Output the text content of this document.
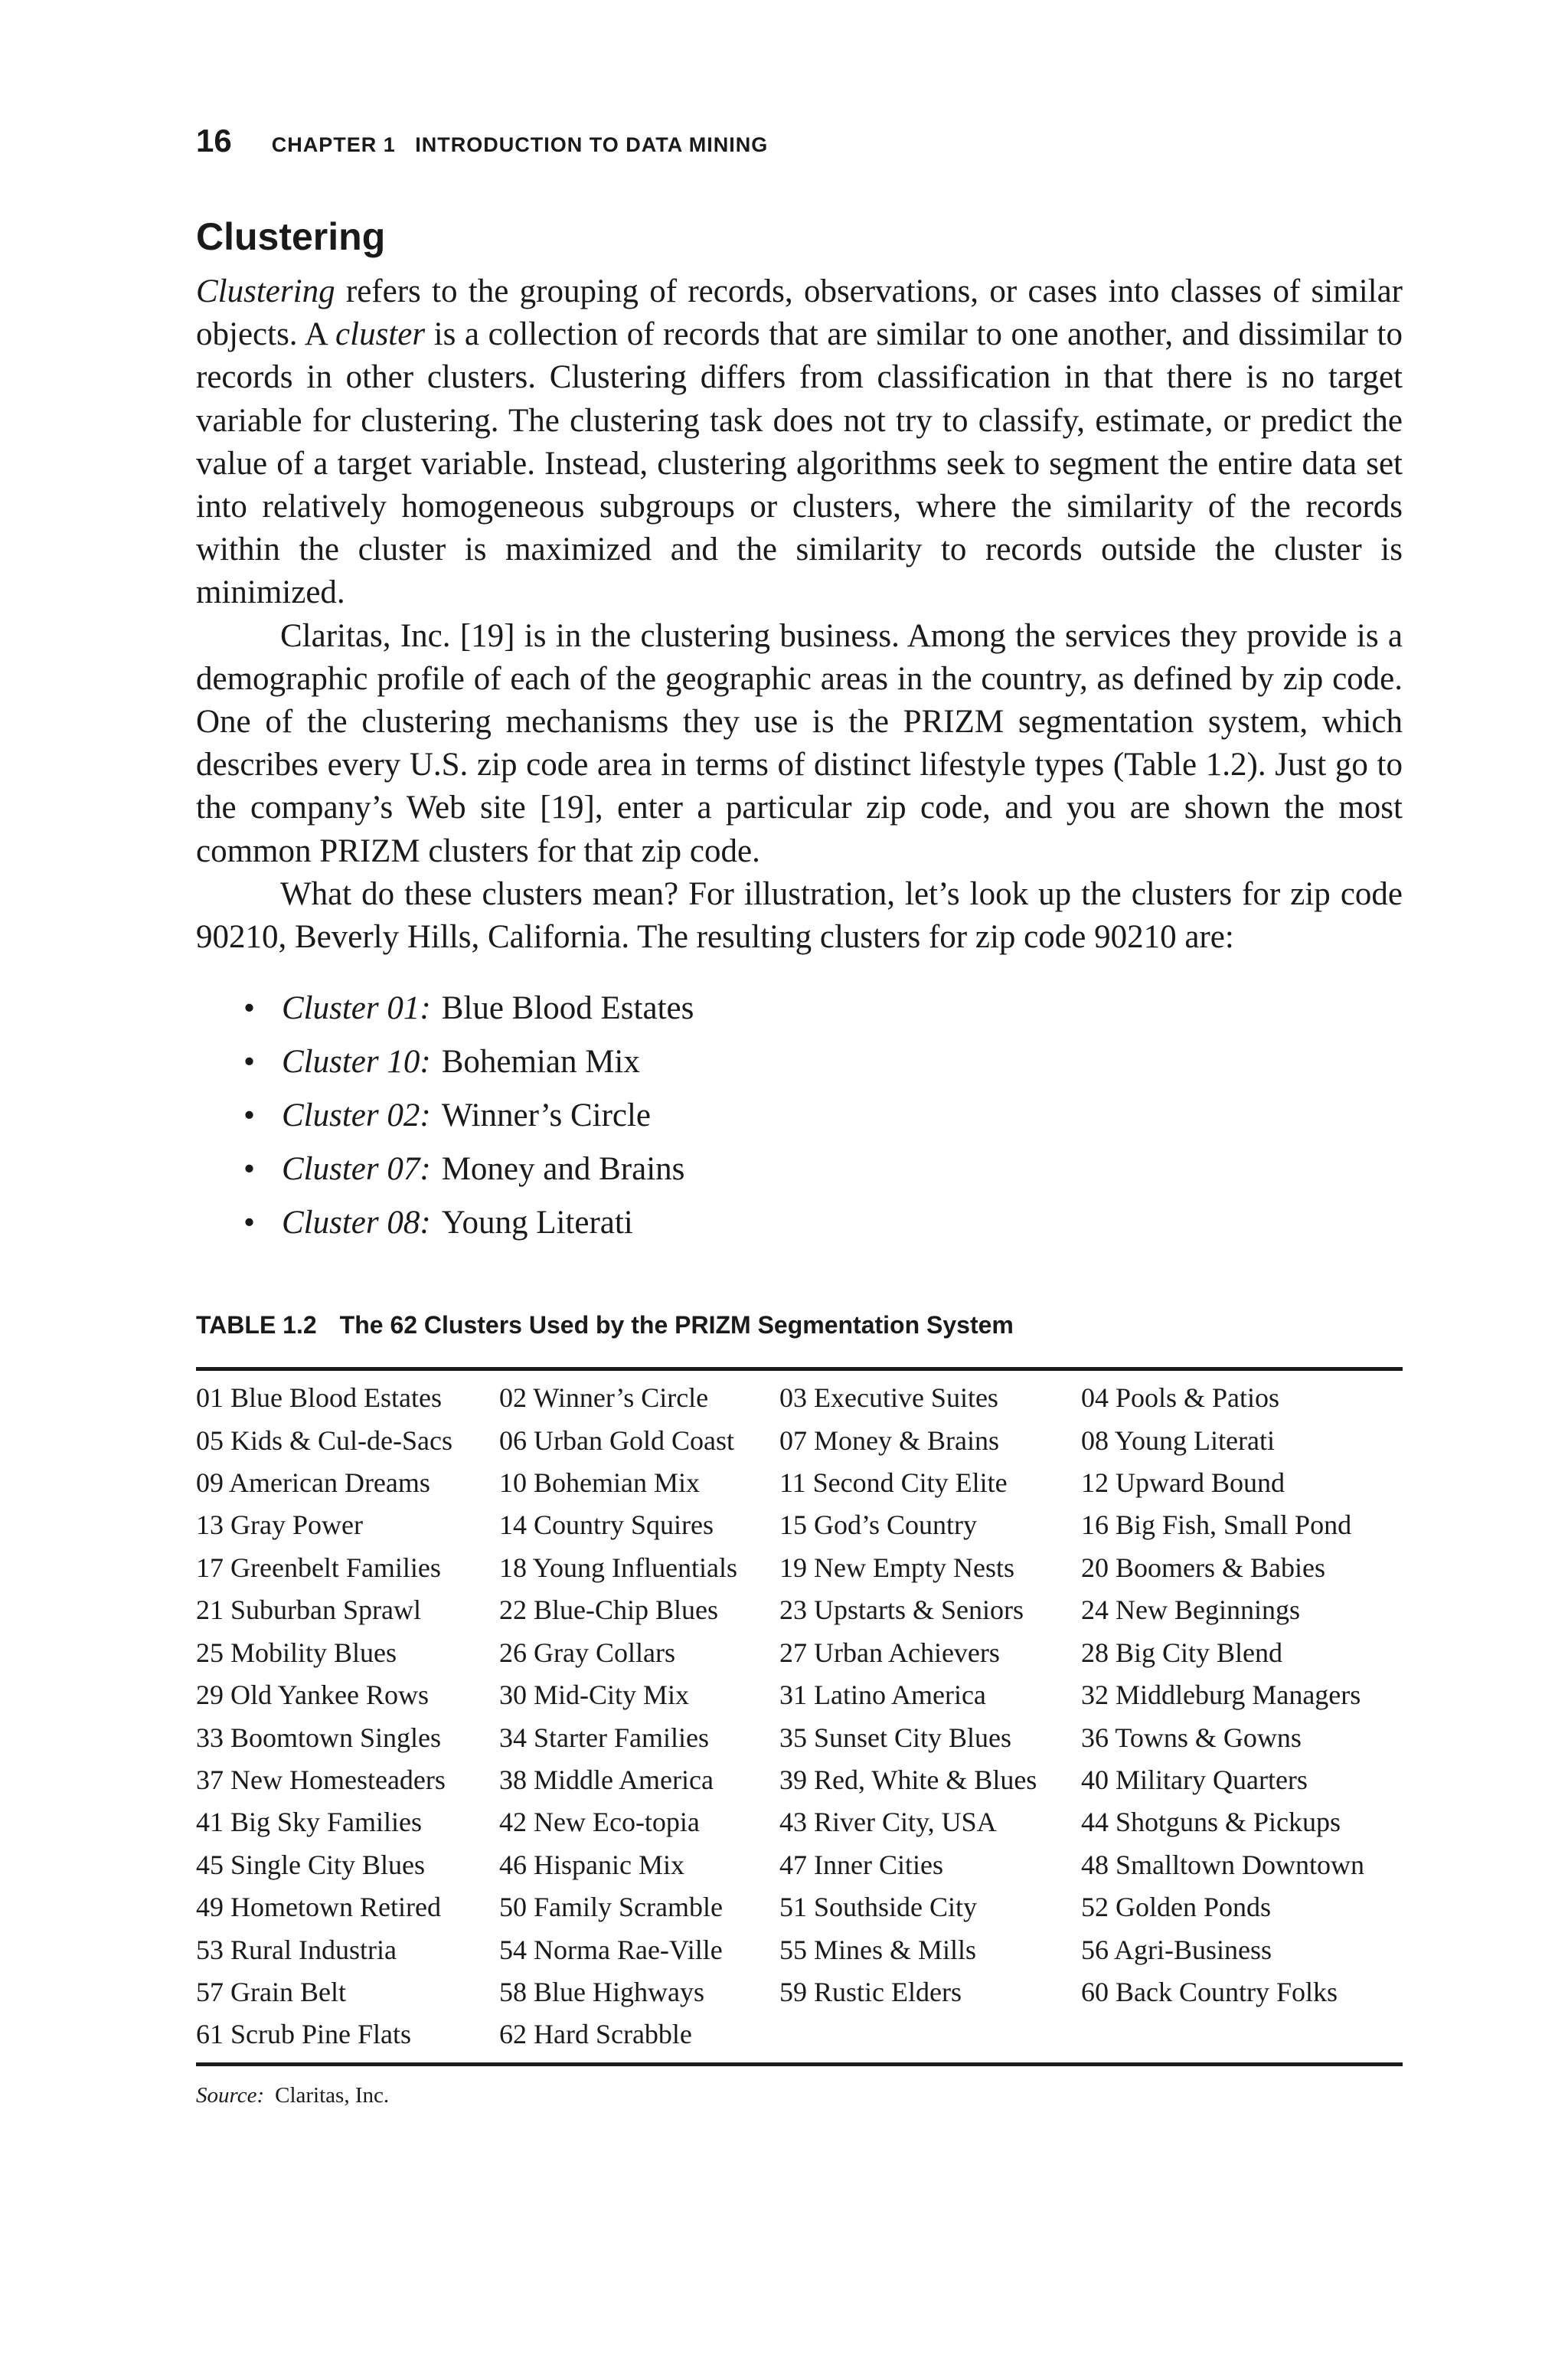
16 CHAPTER 1   INTRODUCTION TO DATA MINING
Clustering

Clustering refers to the grouping of records, observations, or cases into classes of similar objects. A cluster is a collection of records that are similar to one another, and dissimilar to records in other clusters. Clustering differs from classification in that there is no target variable for clustering. The clustering task does not try to classify, estimate, or predict the value of a target variable. Instead, clustering algorithms seek to segment the entire data set into relatively homogeneous subgroups or clusters, where the similarity of the records within the cluster is maximized and the similarity to records outside the cluster is minimized.

Claritas, Inc. [19] is in the clustering business. Among the services they provide is a demographic profile of each of the geographic areas in the country, as defined by zip code. One of the clustering mechanisms they use is the PRIZM segmentation system, which describes every U.S. zip code area in terms of distinct lifestyle types (Table 1.2). Just go to the company’s Web site [19], enter a particular zip code, and you are shown the most common PRIZM clusters for that zip code.

What do these clusters mean? For illustration, let’s look up the clusters for zip code 90210, Beverly Hills, California. The resulting clusters for zip code 90210 are:

• Cluster 01: Blue Blood Estates
• Cluster 10: Bohemian Mix
• Cluster 02: Winner’s Circle
• Cluster 07: Money and Brains
• Cluster 08: Young Literati
TABLE 1.2 The 62 Clusters Used by the PRIZM Segmentation System
01 Blue Blood Estates	02 Winner’s Circle	03 Executive Suites	04 Pools & Patios
05 Kids & Cul-de-Sacs	06 Urban Gold Coast	07 Money & Brains	08 Young Literati
09 American Dreams	10 Bohemian Mix	11 Second City Elite	12 Upward Bound
13 Gray Power	14 Country Squires	15 God’s Country	16 Big Fish, Small Pond
17 Greenbelt Families	18 Young Influentials	19 New Empty Nests	20 Boomers & Babies
21 Suburban Sprawl	22 Blue-Chip Blues	23 Upstarts & Seniors	24 New Beginnings
25 Mobility Blues	26 Gray Collars	27 Urban Achievers	28 Big City Blend
29 Old Yankee Rows	30 Mid-City Mix	31 Latino America	32 Middleburg Managers
33 Boomtown Singles	34 Starter Families	35 Sunset City Blues	36 Towns & Gowns
37 New Homesteaders	38 Middle America	39 Red, White & Blues	40 Military Quarters
41 Big Sky Families	42 New Eco-topia	43 River City, USA	44 Shotguns & Pickups
45 Single City Blues	46 Hispanic Mix	47 Inner Cities	48 Smalltown Downtown
49 Hometown Retired	50 Family Scramble	51 Southside City	52 Golden Ponds
53 Rural Industria	54 Norma Rae-Ville	55 Mines & Mills	56 Agri-Business
57 Grain Belt	58 Blue Highways	59 Rustic Elders	60 Back Country Folks
61 Scrub Pine Flats	62 Hard Scrabble		
Source: Claritas, Inc.
